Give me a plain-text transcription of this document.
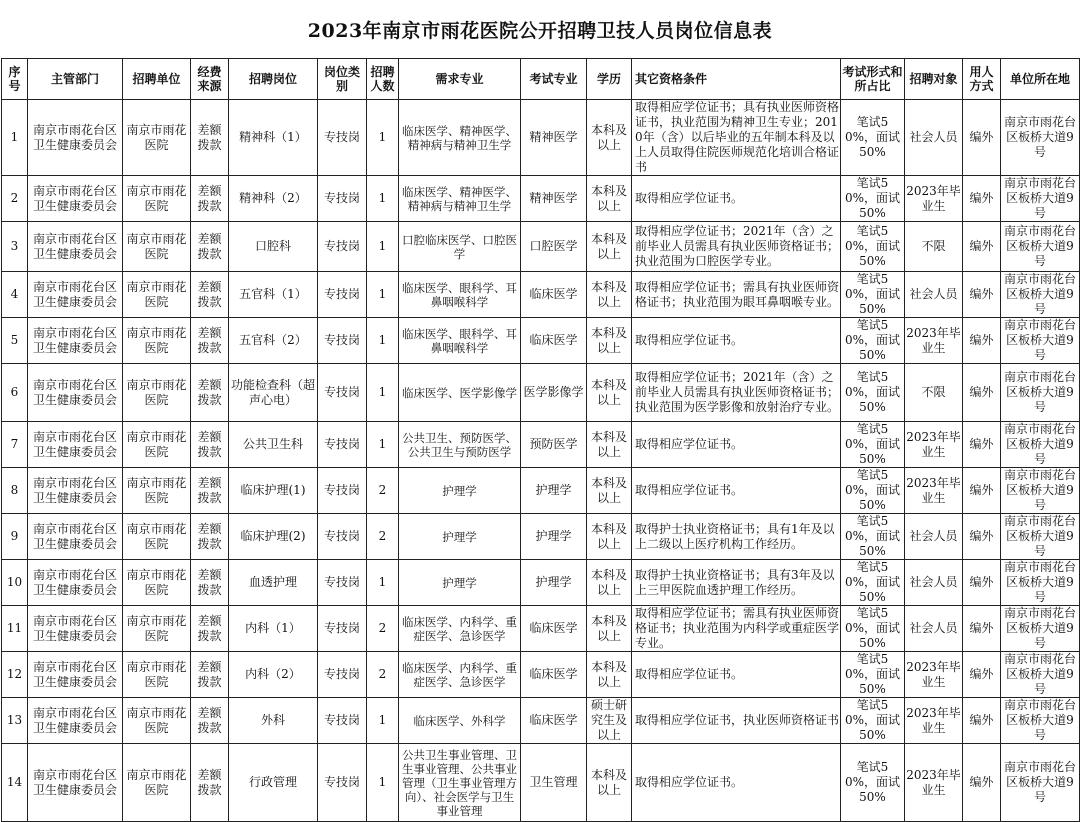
2023年南京市雨花医院公开招聘卫技人员岗位信息表
序号	主管部门	招聘单位	经费来源	招聘岗位	岗位类别	招聘人数	需求专业	考试专业	学历	其它资格条件	考试形式和所占比	招聘对象	用人方式	单位所在地
1	南京市雨花台区卫生健康委员会	南京市雨花医院	差额拨款	精神科（1）	专技岗	1	临床医学、精神医学、精神病与精神卫生学	精神医学	本科及以上	取得相应学位证书；具有执业医师资格证书，执业范围为精神卫生专业；2010年（含）以后毕业的五年制本科及以上人员取得住院医师规范化培训合格证书	笔试50%，面试50%	社会人员	编外	南京市雨花台区板桥大道9号
2	南京市雨花台区卫生健康委员会	南京市雨花医院	差额拨款	精神科（2）	专技岗	1	临床医学、精神医学、精神病与精神卫生学	精神医学	本科及以上	取得相应学位证书。	笔试50%，面试50%	2023年毕业生	编外	南京市雨花台区板桥大道9号
3	南京市雨花台区卫生健康委员会	南京市雨花医院	差额拨款	口腔科	专技岗	1	口腔临床医学、口腔医学	口腔医学	本科及以上	取得相应学位证书；2021年（含）之前毕业人员需具有执业医师资格证书；执业范围为口腔医学专业。	笔试50%，面试50%	不限	编外	南京市雨花台区板桥大道9号
4	南京市雨花台区卫生健康委员会	南京市雨花医院	差额拨款	五官科（1）	专技岗	1	临床医学、眼科学、耳鼻咽喉科学	临床医学	本科及以上	取得相应学位证书；需具有执业医师资格证书；执业范围为眼耳鼻咽喉专业。	笔试50%，面试50%	社会人员	编外	南京市雨花台区板桥大道9号
5	南京市雨花台区卫生健康委员会	南京市雨花医院	差额拨款	五官科（2）	专技岗	1	临床医学、眼科学、耳鼻咽喉科学	临床医学	本科及以上	取得相应学位证书。	笔试50%，面试50%	2023年毕业生	编外	南京市雨花台区板桥大道9号
6	南京市雨花台区卫生健康委员会	南京市雨花医院	差额拨款	功能检查科（超声心电）	专技岗	1	临床医学、医学影像学	医学影像学	本科及以上	取得相应学位证书；2021年（含）之前毕业人员需具有执业医师资格证书；执业范围为医学影像和放射治疗专业。	笔试50%，面试50%	不限	编外	南京市雨花台区板桥大道9号
7	南京市雨花台区卫生健康委员会	南京市雨花医院	差额拨款	公共卫生科	专技岗	1	公共卫生、预防医学、公共卫生与预防医学	预防医学	本科及以上	取得相应学位证书。	笔试50%，面试50%	2023年毕业生	编外	南京市雨花台区板桥大道9号
8	南京市雨花台区卫生健康委员会	南京市雨花医院	差额拨款	临床护理(1)	专技岗	2	护理学	护理学	本科及以上	取得相应学位证书。	笔试50%，面试50%	2023年毕业生	编外	南京市雨花台区板桥大道9号
9	南京市雨花台区卫生健康委员会	南京市雨花医院	差额拨款	临床护理(2)	专技岗	2	护理学	护理学	本科及以上	取得护士执业资格证书；具有1年及以上二级以上医疗机构工作经历。	笔试50%，面试50%	社会人员	编外	南京市雨花台区板桥大道9号
10	南京市雨花台区卫生健康委员会	南京市雨花医院	差额拨款	血透护理	专技岗	1	护理学	护理学	本科及以上	取得护士执业资格证书；具有3年及以上三甲医院血透护理工作经历。	笔试50%，面试50%	社会人员	编外	南京市雨花台区板桥大道9号
11	南京市雨花台区卫生健康委员会	南京市雨花医院	差额拨款	内科（1）	专技岗	2	临床医学、内科学、重症医学、急诊医学	临床医学	本科及以上	取得相应学位证书；需具有执业医师资格证书；执业范围为内科学或重症医学专业。	笔试50%，面试50%	社会人员	编外	南京市雨花台区板桥大道9号
12	南京市雨花台区卫生健康委员会	南京市雨花医院	差额拨款	内科（2）	专技岗	2	临床医学、内科学、重症医学、急诊医学	临床医学	本科及以上	取得相应学位证书。	笔试50%，面试50%	2023年毕业生	编外	南京市雨花台区板桥大道9号
13	南京市雨花台区卫生健康委员会	南京市雨花医院	差额拨款	外科	专技岗	1	临床医学、外科学	临床医学	硕士研究生及以上	取得相应学位证书，执业医师资格证书	笔试50%，面试50%	2023年毕业生	编外	南京市雨花台区板桥大道9号
14	南京市雨花台区卫生健康委员会	南京市雨花医院	差额拨款	行政管理	专技岗	1	公共卫生事业管理、卫生事业管理、公共事业管理（卫生事业管理方向）、社会医学与卫生事业管理	卫生管理	本科及以上	取得相应学位证书。	笔试50%，面试50%	2023年毕业生	编外	南京市雨花台区板桥大道9号
